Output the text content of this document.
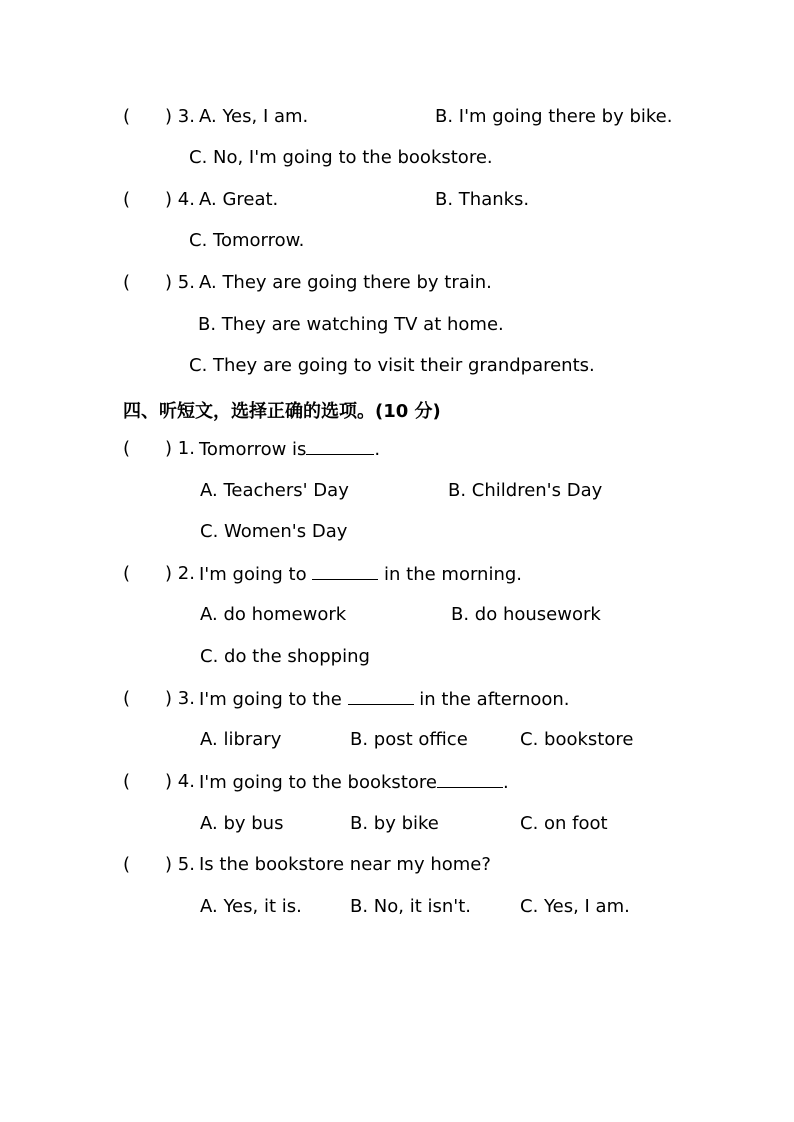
( ) 3. A. Yes, I am.	B. I'm going there by bike.
C. No, I'm going to the bookstore.
( ) 4. A. Great.	B. Thanks.
C. Tomorrow.
( ) 5. A. They are going there by train.
B. They are watching TV at home.
C. They are going to visit their grandparents.
四、听短文，选择正确的选项。(10 分)
( ) 1. Tomorrow is	.
A. Teachers' Day	B. Children's Day
C. Women's Day
( ) 2. I'm going to	in the morning.
A. do homework	B. do housework
C. do the shopping
( ) 3. I'm going to the	in the afternoon.
A. library	B. post office	C. bookstore
( ) 4. I'm going to the bookstore	.
A. by bus	B. by bike	C. on foot
( ) 5. Is the bookstore near my home?
A. Yes, it is.	B. No, it isn't.	C. Yes, I am.
